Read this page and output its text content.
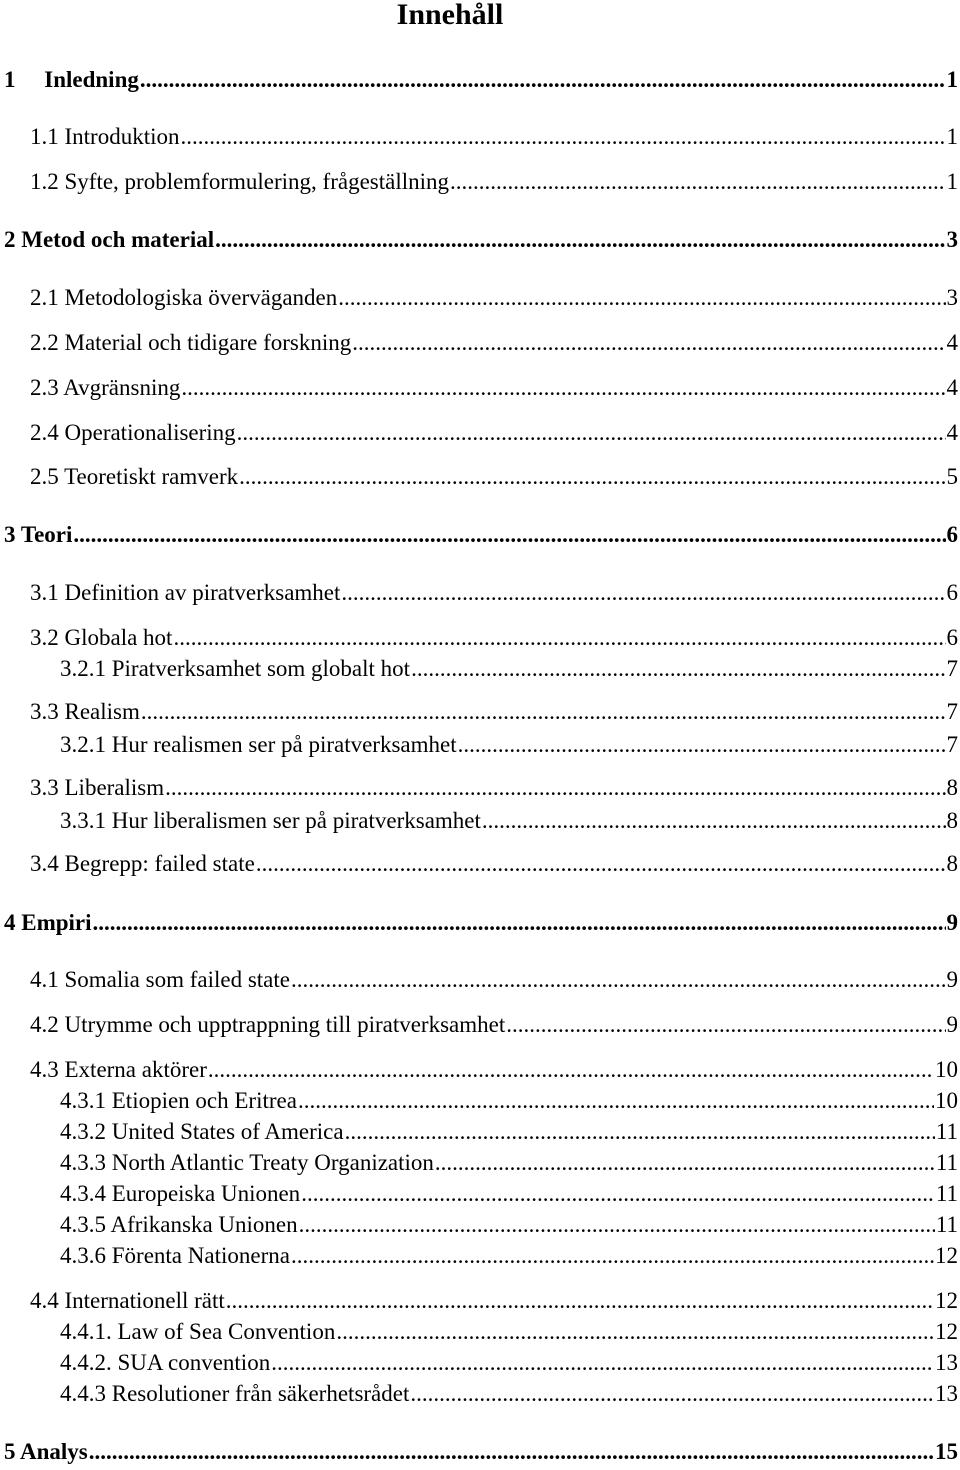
Innehåll
1     Inledning .....	1
1.1 Introduktion .....	1
1.2 Syfte, problemformulering, frågeställning .....	1
2 Metod och material .....	3
2.1 Metodologiska överväganden .....	3
2.2 Material och tidigare forskning .....	4
2.3 Avgränsning .....	4
2.4 Operationalisering .....	4
2.5 Teoretiskt ramverk .....	5
3 Teori .....	6
3.1 Definition av piratverksamhet .....	6
3.2 Globala hot .....	6
3.2.1 Piratverksamhet som globalt hot .....	7
3.3 Realism .....	7
3.2.1 Hur realismen ser på piratverksamhet .....	7
3.3 Liberalism .....	8
3.3.1 Hur liberalismen ser på piratverksamhet .....	8
3.4 Begrepp: failed state .....	8
4 Empiri .....	9
4.1 Somalia som failed state .....	9
4.2 Utrymme och upptrappning till piratverksamhet .....	9
4.3 Externa aktörer .....	10
4.3.1 Etiopien och Eritrea .....	10
4.3.2 United States of America .....	11
4.3.3 North Atlantic Treaty Organization .....	11
4.3.4 Europeiska Unionen .....	11
4.3.5 Afrikanska Unionen .....	11
4.3.6 Förenta Nationerna .....	12
4.4 Internationell rätt .....	12
4.4.1. Law of Sea Convention .....	12
4.4.2. SUA convention .....	13
4.4.3 Resolutioner från säkerhetsrådet .....	13
5 Analys .....	15
